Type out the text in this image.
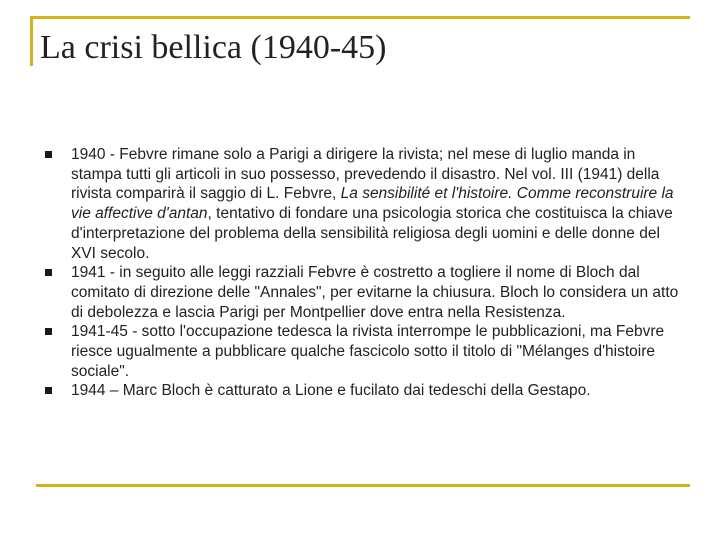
La crisi bellica (1940-45)
1940 - Febvre rimane solo a Parigi a dirigere la rivista; nel mese di luglio manda in stampa tutti gli articoli in suo possesso, prevedendo il disastro. Nel vol. III (1941) della rivista comparirà il saggio di L. Febvre, La sensibilité et l'histoire. Comme reconstruire la vie affective d'antan, tentativo di fondare una psicologia storica che costituisca la chiave d'interpretazione del problema della sensibilità religiosa degli uomini e delle donne del XVI secolo.
1941 - in seguito alle leggi razziali Febvre è costretto a togliere il nome di Bloch dal comitato di direzione delle "Annales", per evitarne la chiusura. Bloch lo considera un atto di debolezza e lascia Parigi per Montpellier dove entra nella Resistenza.
1941-45 - sotto l'occupazione tedesca la rivista interrompe le pubblicazioni, ma Febvre riesce ugualmente a pubblicare qualche fascicolo sotto il titolo di "Mélanges d'histoire sociale".
1944 – Marc Bloch è catturato a Lione e fucilato dai tedeschi della Gestapo.
